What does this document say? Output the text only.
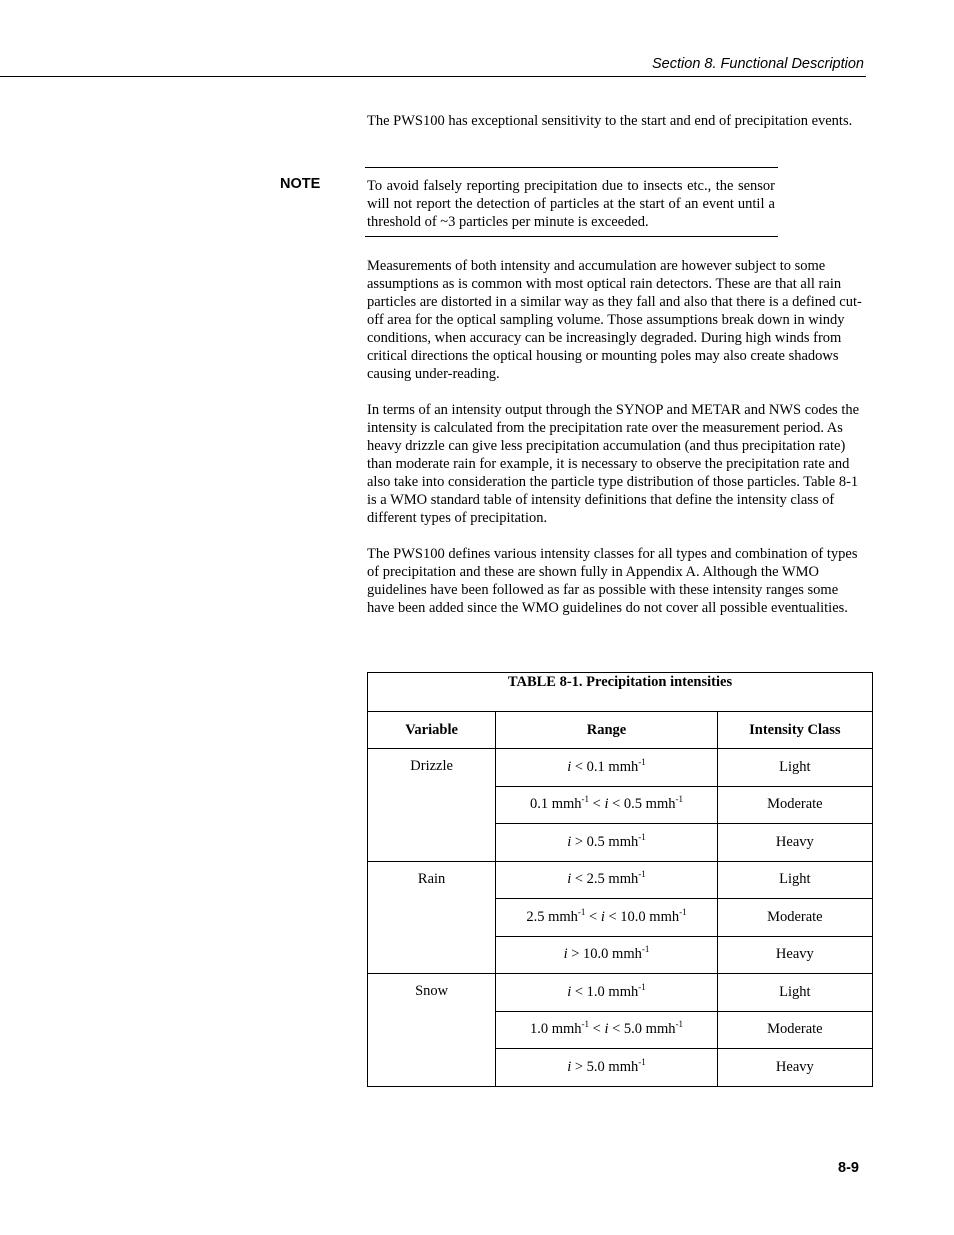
Section 8. Functional Description

The PWS100 has exceptional sensitivity to the start and end of precipitation events.

NOTE	To avoid falsely reporting precipitation due to insects etc., the sensor will not report the detection of particles at the start of an event until a threshold of ~3 particles per minute is exceeded.

Measurements of both intensity and accumulation are however subject to some assumptions as is common with most optical rain detectors. These are that all rain particles are distorted in a similar way as they fall and also that there is a defined cut-off area for the optical sampling volume. Those assumptions break down in windy conditions, when accuracy can be increasingly degraded. During high winds from critical directions the optical housing or mounting poles may also create shadows causing under-reading.

In terms of an intensity output through the SYNOP and METAR and NWS codes the intensity is calculated from the precipitation rate over the measurement period. As heavy drizzle can give less precipitation accumulation (and thus precipitation rate) than moderate rain for example, it is necessary to observe the precipitation rate and also take into consideration the particle type distribution of those particles. Table 8-1 is a WMO standard table of intensity definitions that define the intensity class of different types of precipitation.

The PWS100 defines various intensity classes for all types and combination of types of precipitation and these are shown fully in Appendix A. Although the WMO guidelines have been followed as far as possible with these intensity ranges some have been added since the WMO guidelines do not cover all possible eventualities.

TABLE 8-1. Precipitation intensities		
Variable	Range	Intensity Class
Drizzle	i < 0.1 mmh$^{-1}$	Light
	0.1 mmh$^{-1}$ < i < 0.5 mmh$^{-1}$	Moderate
	i > 0.5 mmh$^{-1}$	Heavy
Rain	i < 2.5 mmh$^{-1}$	Light
	2.5 mmh$^{-1}$ < i < 10.0 mmh$^{-1}$	Moderate
	i > 10.0 mmh$^{-1}$	Heavy
Snow	i < 1.0 mmh$^{-1}$	Light
	1.0 mmh$^{-1}$ < i < 5.0 mmh$^{-1}$	Moderate
	i > 5.0 mmh$^{-1}$	Heavy
8-9
